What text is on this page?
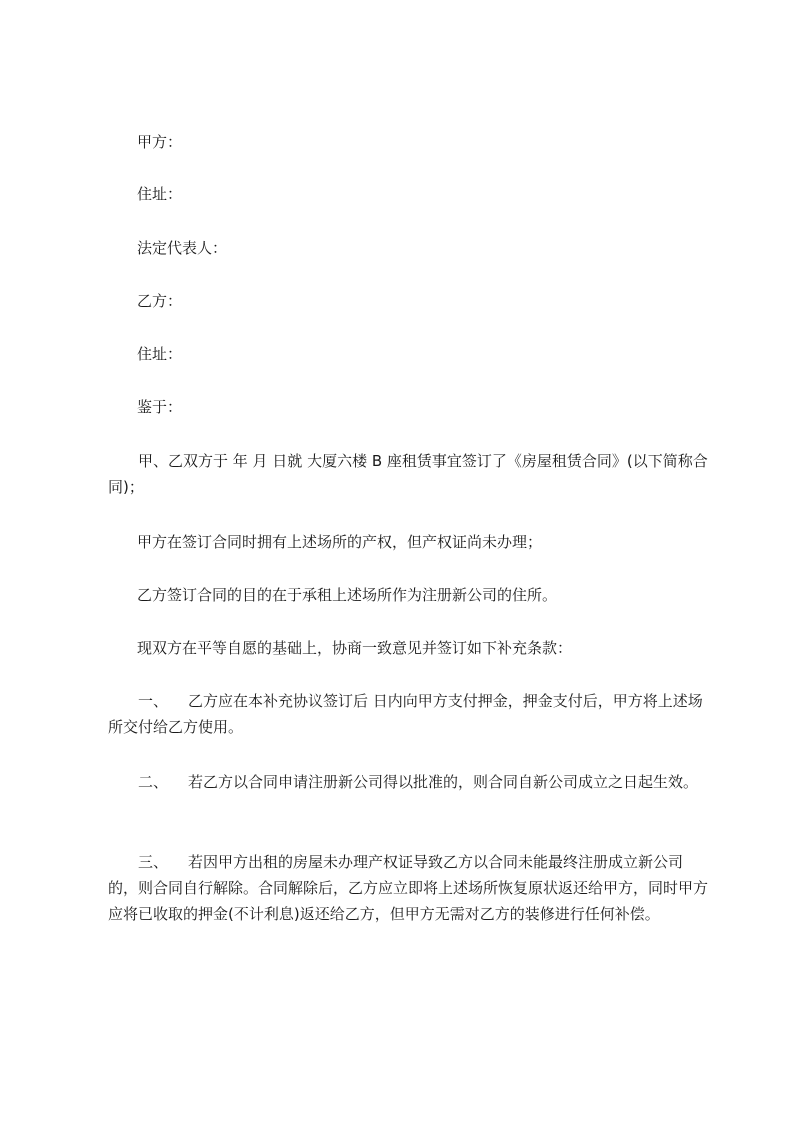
甲方：
住址：
法定代表人：
乙方：
住址：
鉴于：
甲、乙双方于 年 月 日就 大厦六楼 B 座租赁事宜签订了《房屋租赁合同》(以下简称合同)；
甲方在签订合同时拥有上述场所的产权，但产权证尚未办理；
乙方签订合同的目的在于承租上述场所作为注册新公司的住所。
现双方在平等自愿的基础上，协商一致意见并签订如下补充条款：
一、 乙方应在本补充协议签订后 日内向甲方支付押金，押金支付后，甲方将上述场所交付给乙方使用。
二、 若乙方以合同申请注册新公司得以批准的，则合同自新公司成立之日起生效。
三、 若因甲方出租的房屋未办理产权证导致乙方以合同未能最终注册成立新公司的，则合同自行解除。合同解除后，乙方应立即将上述场所恢复原状返还给甲方，同时甲方应将已收取的押金(不计利息)返还给乙方，但甲方无需对乙方的装修进行任何补偿。
